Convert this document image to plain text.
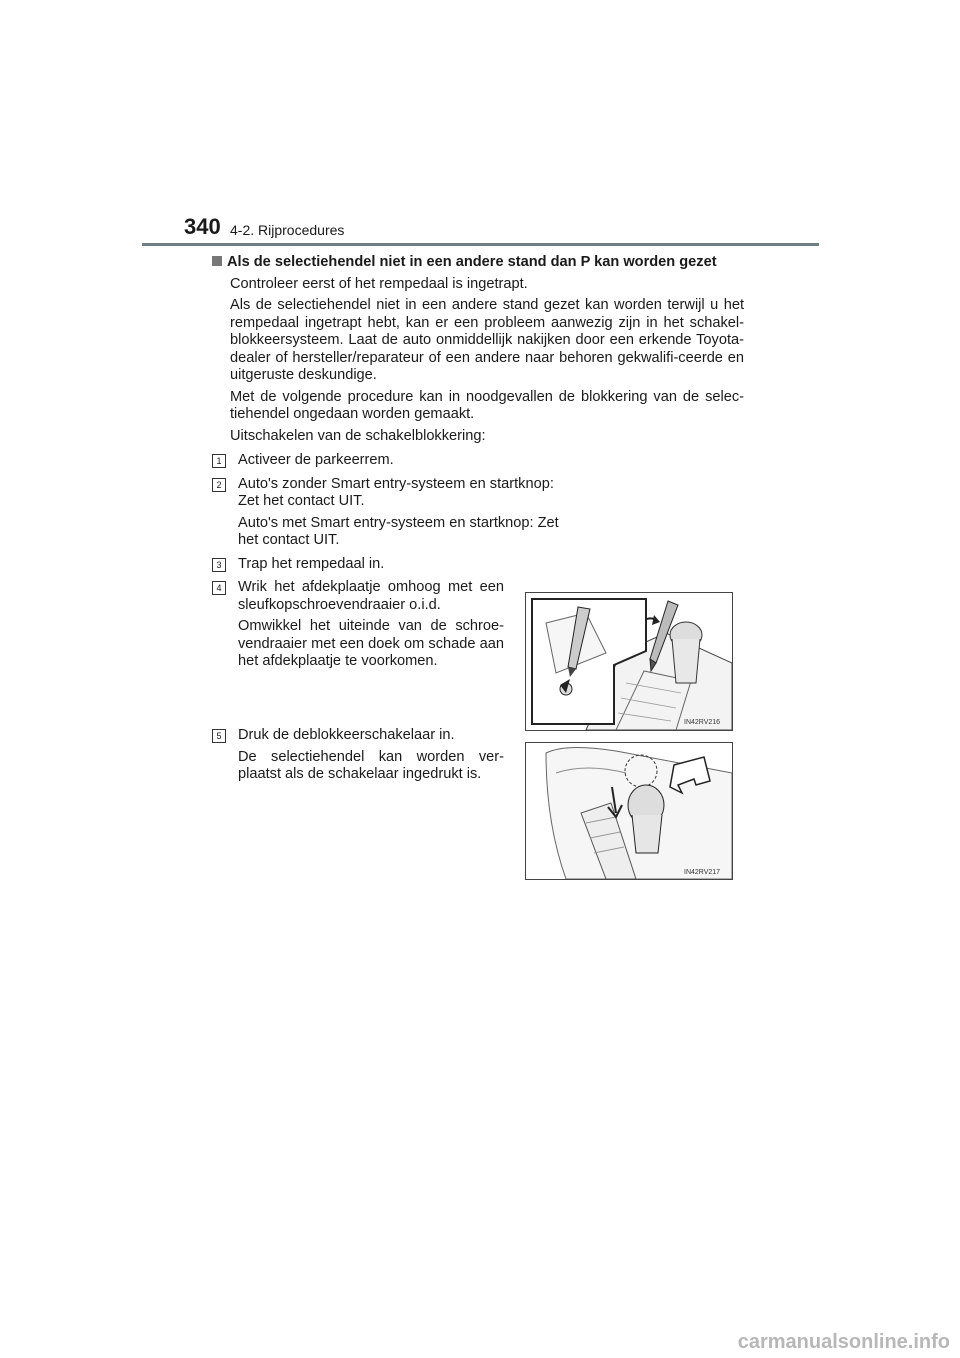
340 4-2. Rijprocedures
Als de selectiehendel niet in een andere stand dan P kan worden gezet
Controleer eerst of het rempedaal is ingetrapt.
Als de selectiehendel niet in een andere stand gezet kan worden terwijl u het rempedaal ingetrapt hebt, kan er een probleem aanwezig zijn in het schakel-blokkeersysteem. Laat de auto onmiddellijk nakijken door een erkende Toyota-dealer of hersteller/reparateur of een andere naar behoren gekwalifi-ceerde en uitgeruste deskundige.
Met de volgende procedure kan in noodgevallen de blokkering van de selec-tiehendel ongedaan worden gemaakt.
Uitschakelen van de schakelblokkering:
1	Activeer de parkeerrem.

2	Auto's zonder Smart entry-systeem en startknop: Zet het contact UIT.

Auto's met Smart entry-systeem en startknop: Zet het contact UIT.

3	Trap het rempedaal in.

4	Wrik het afdekplaatje omhoog met een sleufkopschroevendraaier o.i.d.

Omwikkel het uiteinde van de schroe-vendraaier met een doek om schade aan het afdekplaatje te voorkomen.

5	Druk de deblokkeerschakelaar in.

De selectiehendel kan worden ver-plaatst als de schakelaar ingedrukt is.

IN42RV216
IN42RV217
carmanualsonline.info
